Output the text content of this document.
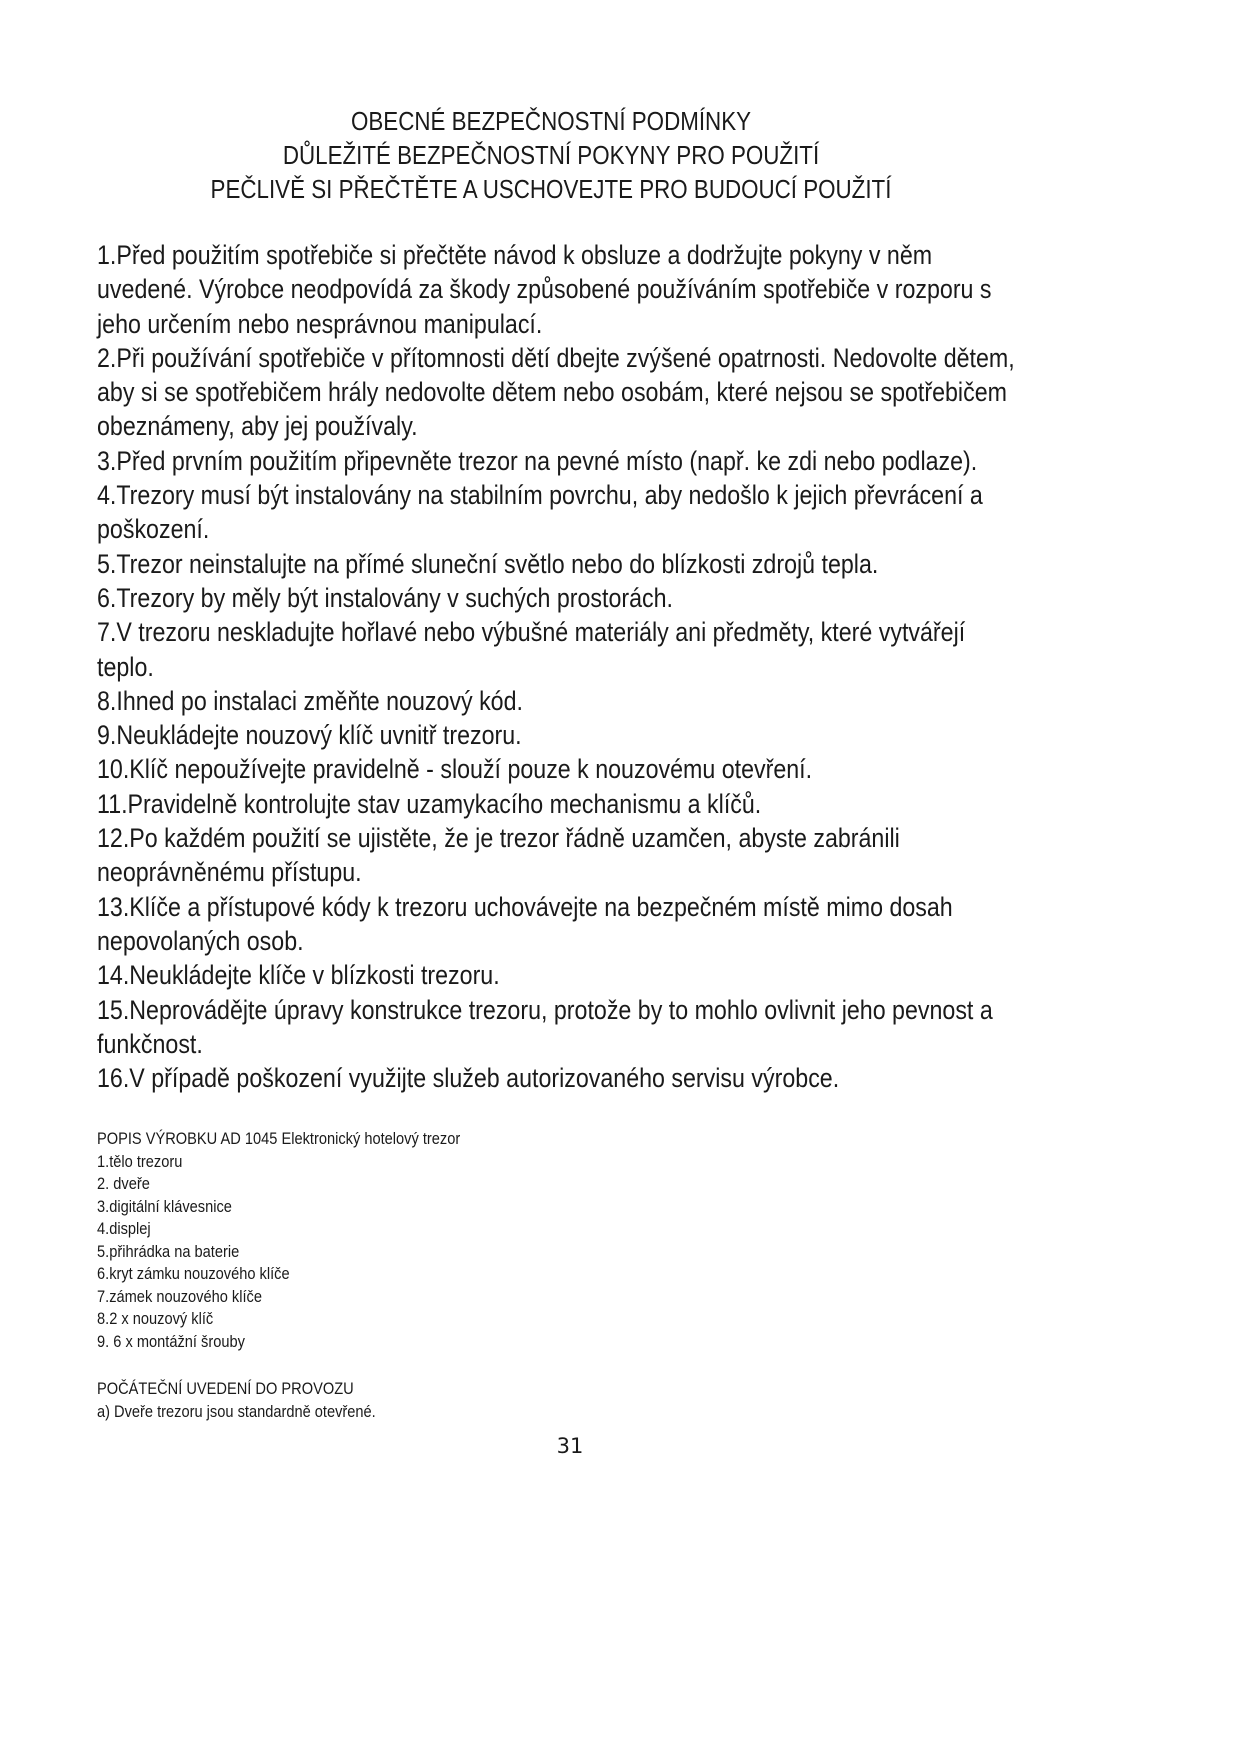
OBECNÉ BEZPEČNOSTNÍ PODMÍNKY
DŮLEŽITÉ BEZPEČNOSTNÍ POKYNY PRO POUŽITÍ
PEČLIVĚ SI PŘEČTĚTE A USCHOVEJTE PRO BUDOUCÍ POUŽITÍ

1.Před použitím spotřebiče si přečtěte návod k obsluze a dodržujte pokyny v něm uvedené. Výrobce neodpovídá za škody způsobené používáním spotřebiče v rozporu s jeho určením nebo nesprávnou manipulací.

2.Při používání spotřebiče v přítomnosti dětí dbejte zvýšené opatrnosti. Nedovolte dětem, aby si se spotřebičem hrály nedovolte dětem nebo osobám, které nejsou se spotřebičem obeznámeny, aby jej používaly.

3.Před prvním použitím připevněte trezor na pevné místo (např. ke zdi nebo podlaze).

4.Trezory musí být instalovány na stabilním povrchu, aby nedošlo k jejich převrácení a poškození.

5.Trezor neinstalujte na přímé sluneční světlo nebo do blízkosti zdrojů tepla.

6.Trezory by měly být instalovány v suchých prostorách.

7.V trezoru neskladujte hořlavé nebo výbušné materiály ani předměty, které vytvářejí teplo.

8.Ihned po instalaci změňte nouzový kód.

9.Neukládejte nouzový klíč uvnitř trezoru.

10.Klíč nepoužívejte pravidelně - slouží pouze k nouzovému otevření.

11.Pravidelně kontrolujte stav uzamykacího mechanismu a klíčů.

12.Po každém použití se ujistěte, že je trezor řádně uzamčen, abyste zabránili neoprávněnému přístupu.

13.Klíče a přístupové kódy k trezoru uchovávejte na bezpečném místě mimo dosah nepovolaných osob.

14.Neukládejte klíče v blízkosti trezoru.

15.Neprovádějte úpravy konstrukce trezoru, protože by to mohlo ovlivnit jeho pevnost a funkčnost.

16.V případě poškození využijte služeb autorizovaného servisu výrobce.

POPIS VÝROBKU AD 1045 Elektronický hotelový trezor
1.tělo trezoru
2. dveře
3.digitální klávesnice
4.displej
5.přihrádka na baterie
6.kryt zámku nouzového klíče
7.zámek nouzového klíče
8.2 x nouzový klíč
9. 6 x montážní šrouby
POČÁTEČNÍ UVEDENÍ DO PROVOZU
a) Dveře trezoru jsou standardně otevřené.
31
